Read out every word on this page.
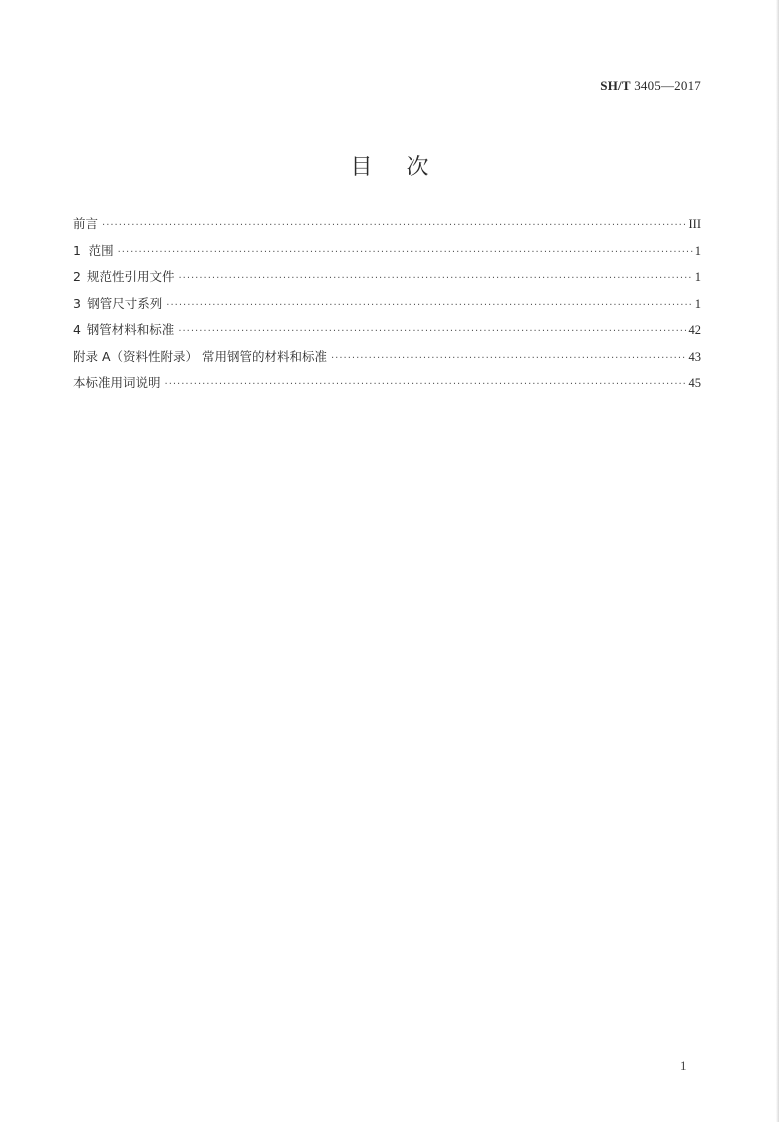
SH/T 3405—2017
目次
前言 ·····	III
1 范围 ·····	1
2 规范性引用文件 ·····	1
3 钢管尺寸系列 ·····	1
4 钢管材料和标准 ·····	42
附录 A（资料性附录） 常用钢管的材料和标准 ·····	43
本标准用词说明 ·····	45
1
